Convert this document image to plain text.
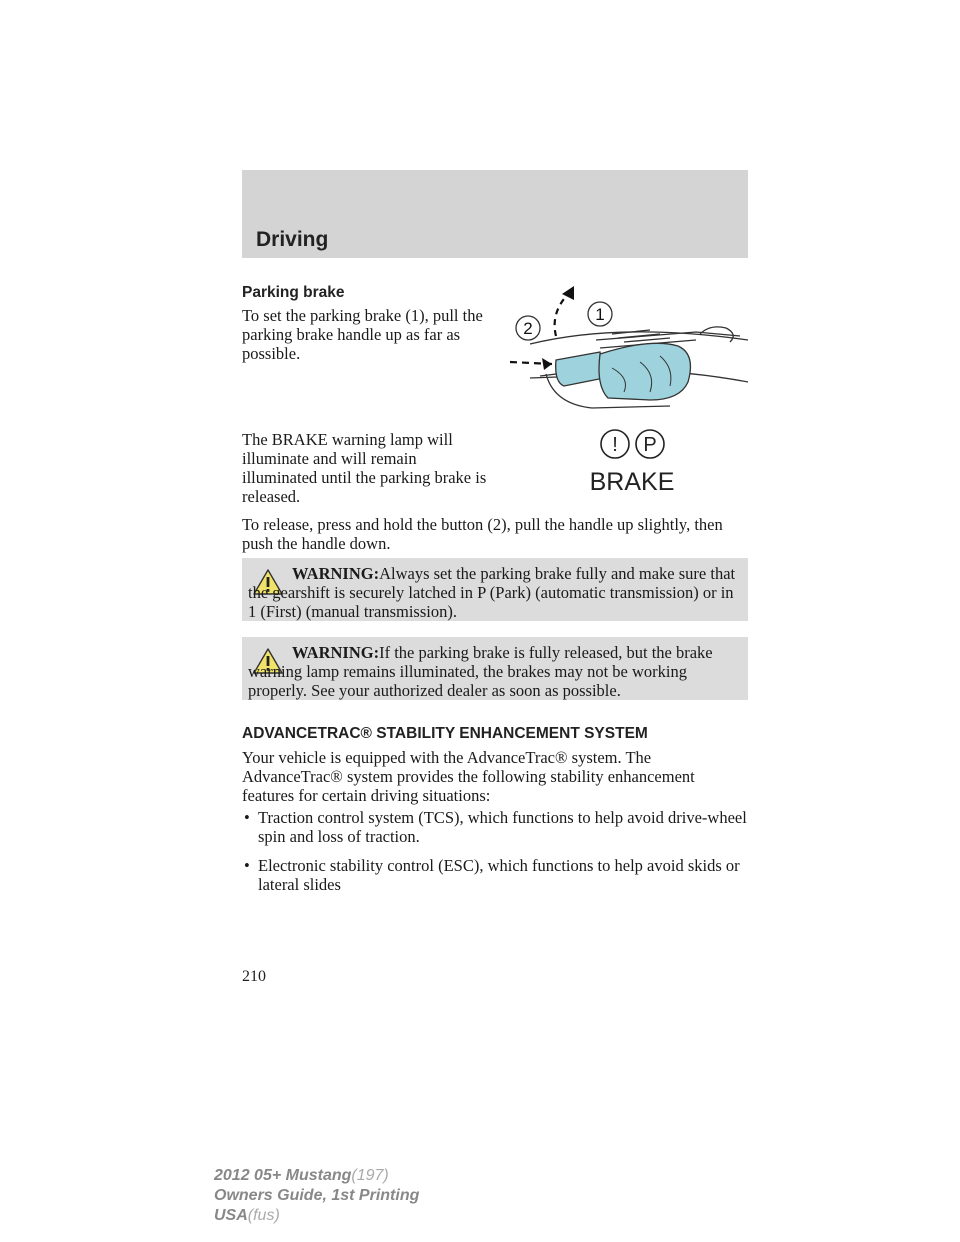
Driving
Parking brake
To set the parking brake (1), pull the parking brake handle up as far as possible.
1
2
The BRAKE warning lamp will illuminate and will remain illuminated until the parking brake is released.
! P
BRAKE
To release, press and hold the button (2), pull the handle up slightly, then push the handle down.
WARNING:Always set the parking brake fully and make sure that the gearshift is securely latched in P (Park) (automatic transmission) or in 1 (First) (manual transmission).
WARNING:If the parking brake is fully released, but the brake warning lamp remains illuminated, the brakes may not be working properly. See your authorized dealer as soon as possible.
ADVANCETRAC® STABILITY ENHANCEMENT SYSTEM
Your vehicle is equipped with the AdvanceTrac® system. The AdvanceTrac® system provides the following stability enhancement features for certain driving situations:
• Traction control system (TCS), which functions to help avoid drive-wheel spin and loss of traction.
• Electronic stability control (ESC), which functions to help avoid skids or lateral slides
210
2012 05+ Mustang(197)
Owners Guide, 1st Printing
USA(fus)
